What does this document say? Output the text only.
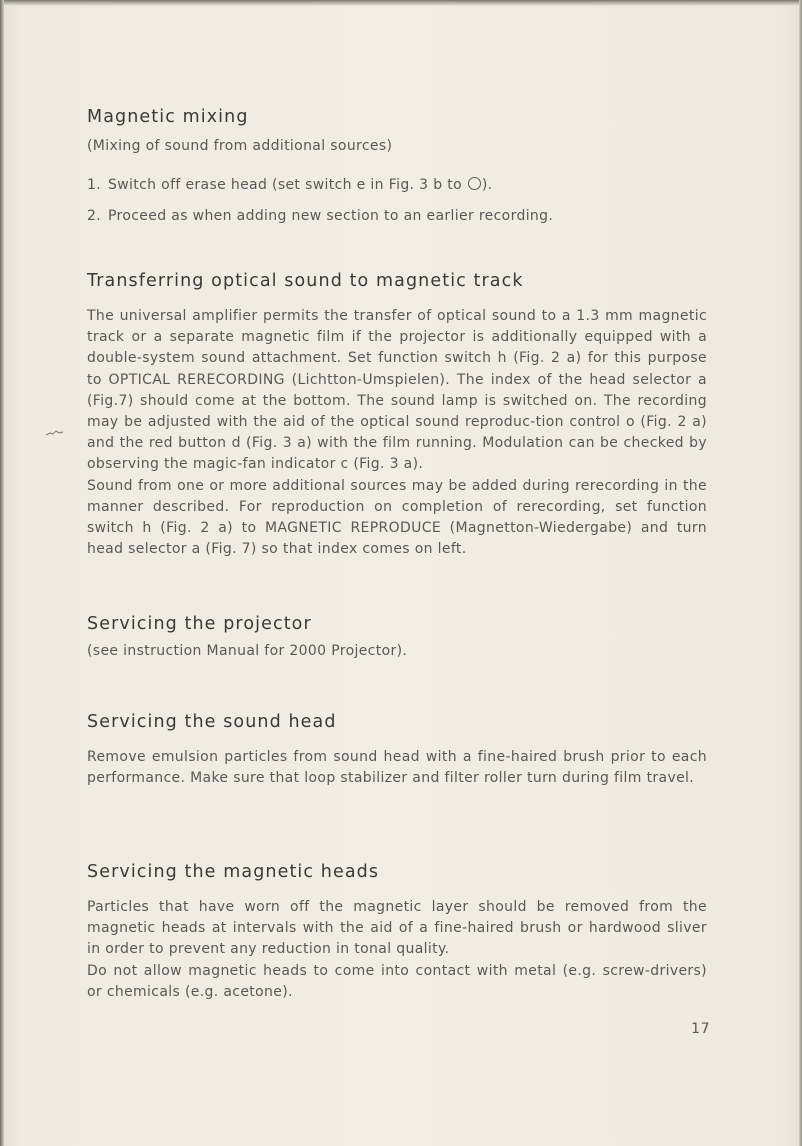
Magnetic mixing

(Mixing of sound from additional sources)

1. Switch off erase head (set switch e in Fig. 3 b to ).
2. Proceed as when adding new section to an earlier recording.
Transferring optical sound to magnetic track

The universal amplifier permits the transfer of optical sound to a 1.3 mm magnetic track or a separate magnetic film if the projector is additionally equipped with a double-system sound attachment. Set function switch h (Fig. 2 a) for this purpose to OPTICAL RERECORDING (Lichtton-Umspielen). The index of the head selector a (Fig.7) should come at the bottom. The sound lamp is switched on. The recording may be adjusted with the aid of the optical sound reproduc-tion control o (Fig. 2 a) and the red button d (Fig. 3 a) with the film running. Modulation can be checked by observing the magic-fan indicator c (Fig. 3 a).

Sound from one or more additional sources may be added during rerecording in the manner described. For reproduction on completion of rerecording, set function switch h (Fig. 2 a) to MAGNETIC REPRODUCE (Magnetton-Wiedergabe) and turn head selector a (Fig. 7) so that index comes on left.

Servicing the projector

(see instruction Manual for 2000 Projector).

Servicing the sound head

Remove emulsion particles from sound head with a fine-haired brush prior to each performance. Make sure that loop stabilizer and filter roller turn during film travel.

Servicing the magnetic heads

Particles that have worn off the magnetic layer should be removed from the magnetic heads at intervals with the aid of a fine-haired brush or hardwood sliver in order to prevent any reduction in tonal quality.

Do not allow magnetic heads to come into contact with metal (e.g. screw-drivers) or chemicals (e.g. acetone).

17
